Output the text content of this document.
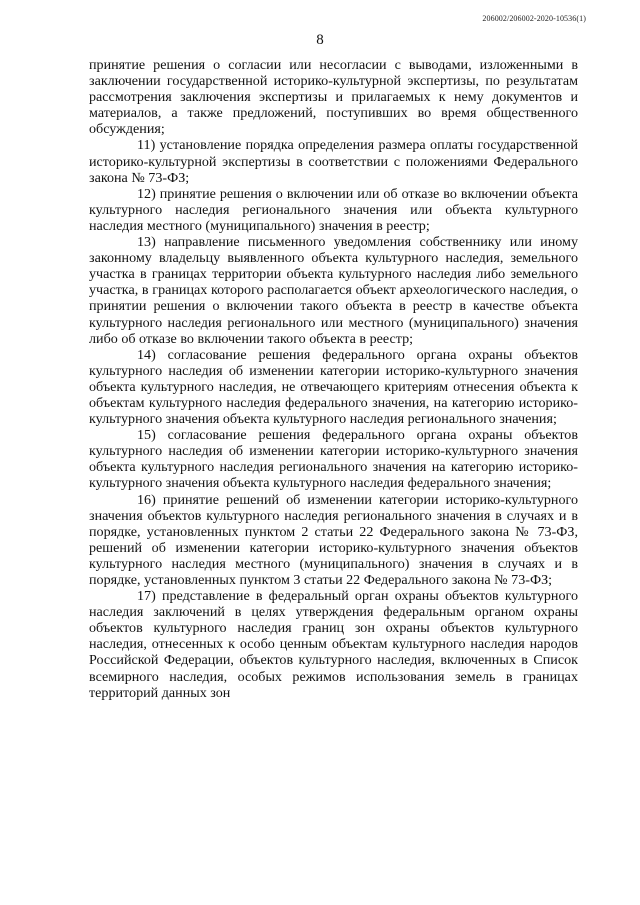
206002/206002-2020-10536(1)
8

принятие решения о согласии или несогласии с выводами, изложенными в заключении государственной историко-культурной экспертизы, по результатам рассмотрения заключения экспертизы и прилагаемых к нему документов и материалов, а также предложений, поступивших во время общественного обсуждения;

11) установление порядка определения размера оплаты государственной историко-культурной экспертизы в соответствии с положениями Федерального закона № 73-ФЗ;

12) принятие решения о включении или об отказе во включении объекта культурного наследия регионального значения или объекта культурного наследия местного (муниципального) значения в реестр;

13) направление письменного уведомления собственнику или иному законному владельцу выявленного объекта культурного наследия, земельного участка в границах территории объекта культурного наследия либо земельного участка, в границах которого располагается объект археологического наследия, о принятии решения о включении такого объекта в реестр в качестве объекта культурного наследия регионального или местного (муниципального) значения либо об отказе во включении такого объекта в реестр;

14) согласование решения федерального органа охраны объектов культурного наследия об изменении категории историко-культурного значения объекта культурного наследия, не отвечающего критериям отнесения объекта к объектам культурного наследия федерального значения, на категорию историко-культурного значения объекта культурного наследия регионального значения;

15) согласование решения федерального органа охраны объектов культурного наследия об изменении категории историко-культурного значения объекта культурного наследия регионального значения на категорию историко-культурного значения объекта культурного наследия федерального значения;

16) принятие решений об изменении категории историко-культурного значения объектов культурного наследия регионального значения в случаях и в порядке, установленных пунктом 2 статьи 22 Федерального закона № 73-ФЗ, решений об изменении категории историко-культурного значения объектов культурного наследия местного (муниципального) значения в случаях и в порядке, установленных пунктом 3 статьи 22 Федерального закона № 73-ФЗ;

17) представление в федеральный орган охраны объектов культурного наследия заключений в целях утверждения федеральным органом охраны объектов культурного наследия границ зон охраны объектов культурного наследия, отнесенных к особо ценным объектам культурного наследия народов Российской Федерации, объектов культурного наследия, включенных в Список всемирного наследия, особых режимов использования земель в границах территорий данных зон
